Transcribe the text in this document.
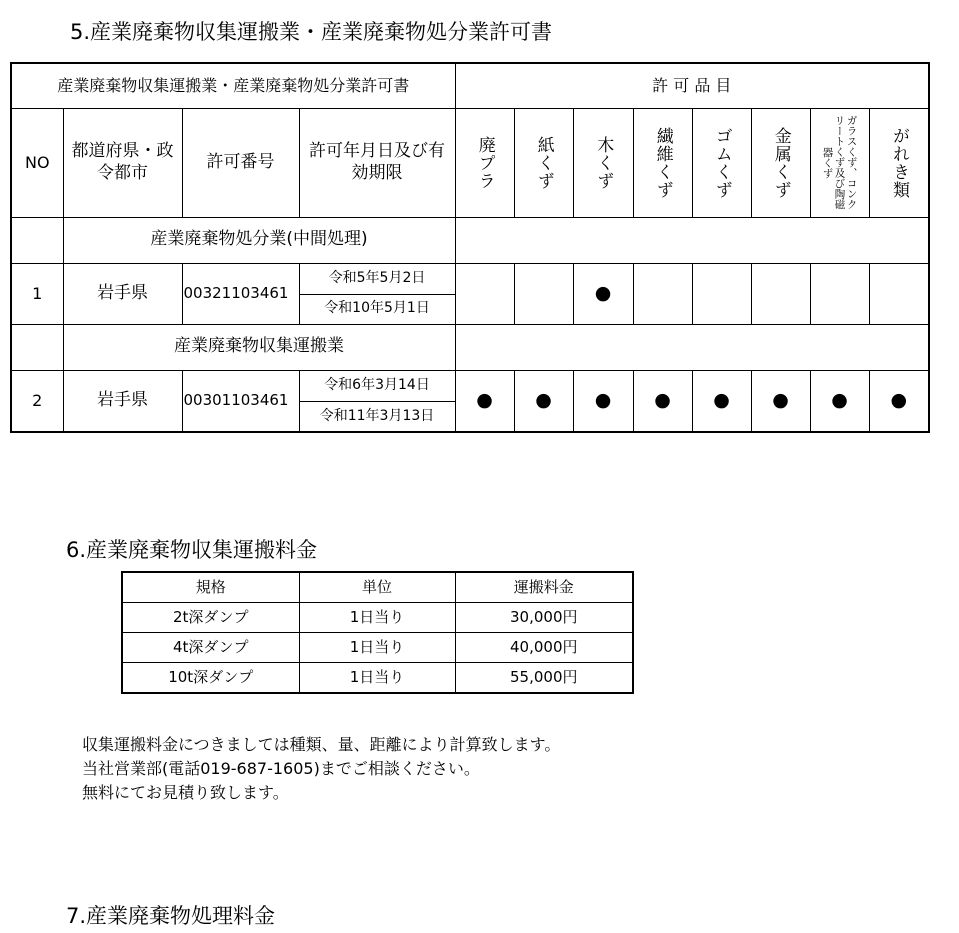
5.産業廃棄物収集運搬業・産業廃棄物処分業許可書
産業廃棄物収集運搬業・産業廃棄物処分業許可書				許 可 品 目							
NO	都道府県・政令都市	許可番号	許可年月日及び有効期限	廃プラ	紙くず	木くず	繊維くず	ゴムくず	金属くず	ガラスくず、コンクリートくず及び陶磁器くず	がれき類

	産業廃棄物処分業(中間処理)										
1	岩手県	00321103461	令和5年5月2日			●					
			令和10年5月1日								
	産業廃棄物収集運搬業										
2	岩手県	00301103461	令和6年3月14日	●	●	●	●	●	●	●	●
			令和11年3月13日								
6.産業廃棄物収集運搬料金
規格	単位	運搬料金
2t深ダンプ	1日当り	30,000円
4t深ダンプ	1日当り	40,000円
10t深ダンプ	1日当り	55,000円
収集運搬料金につきましては種類、量、距離により計算致します。
当社営業部(電話019-687-1605)までご相談ください。
無料にてお見積り致します。
7.産業廃棄物処理料金
